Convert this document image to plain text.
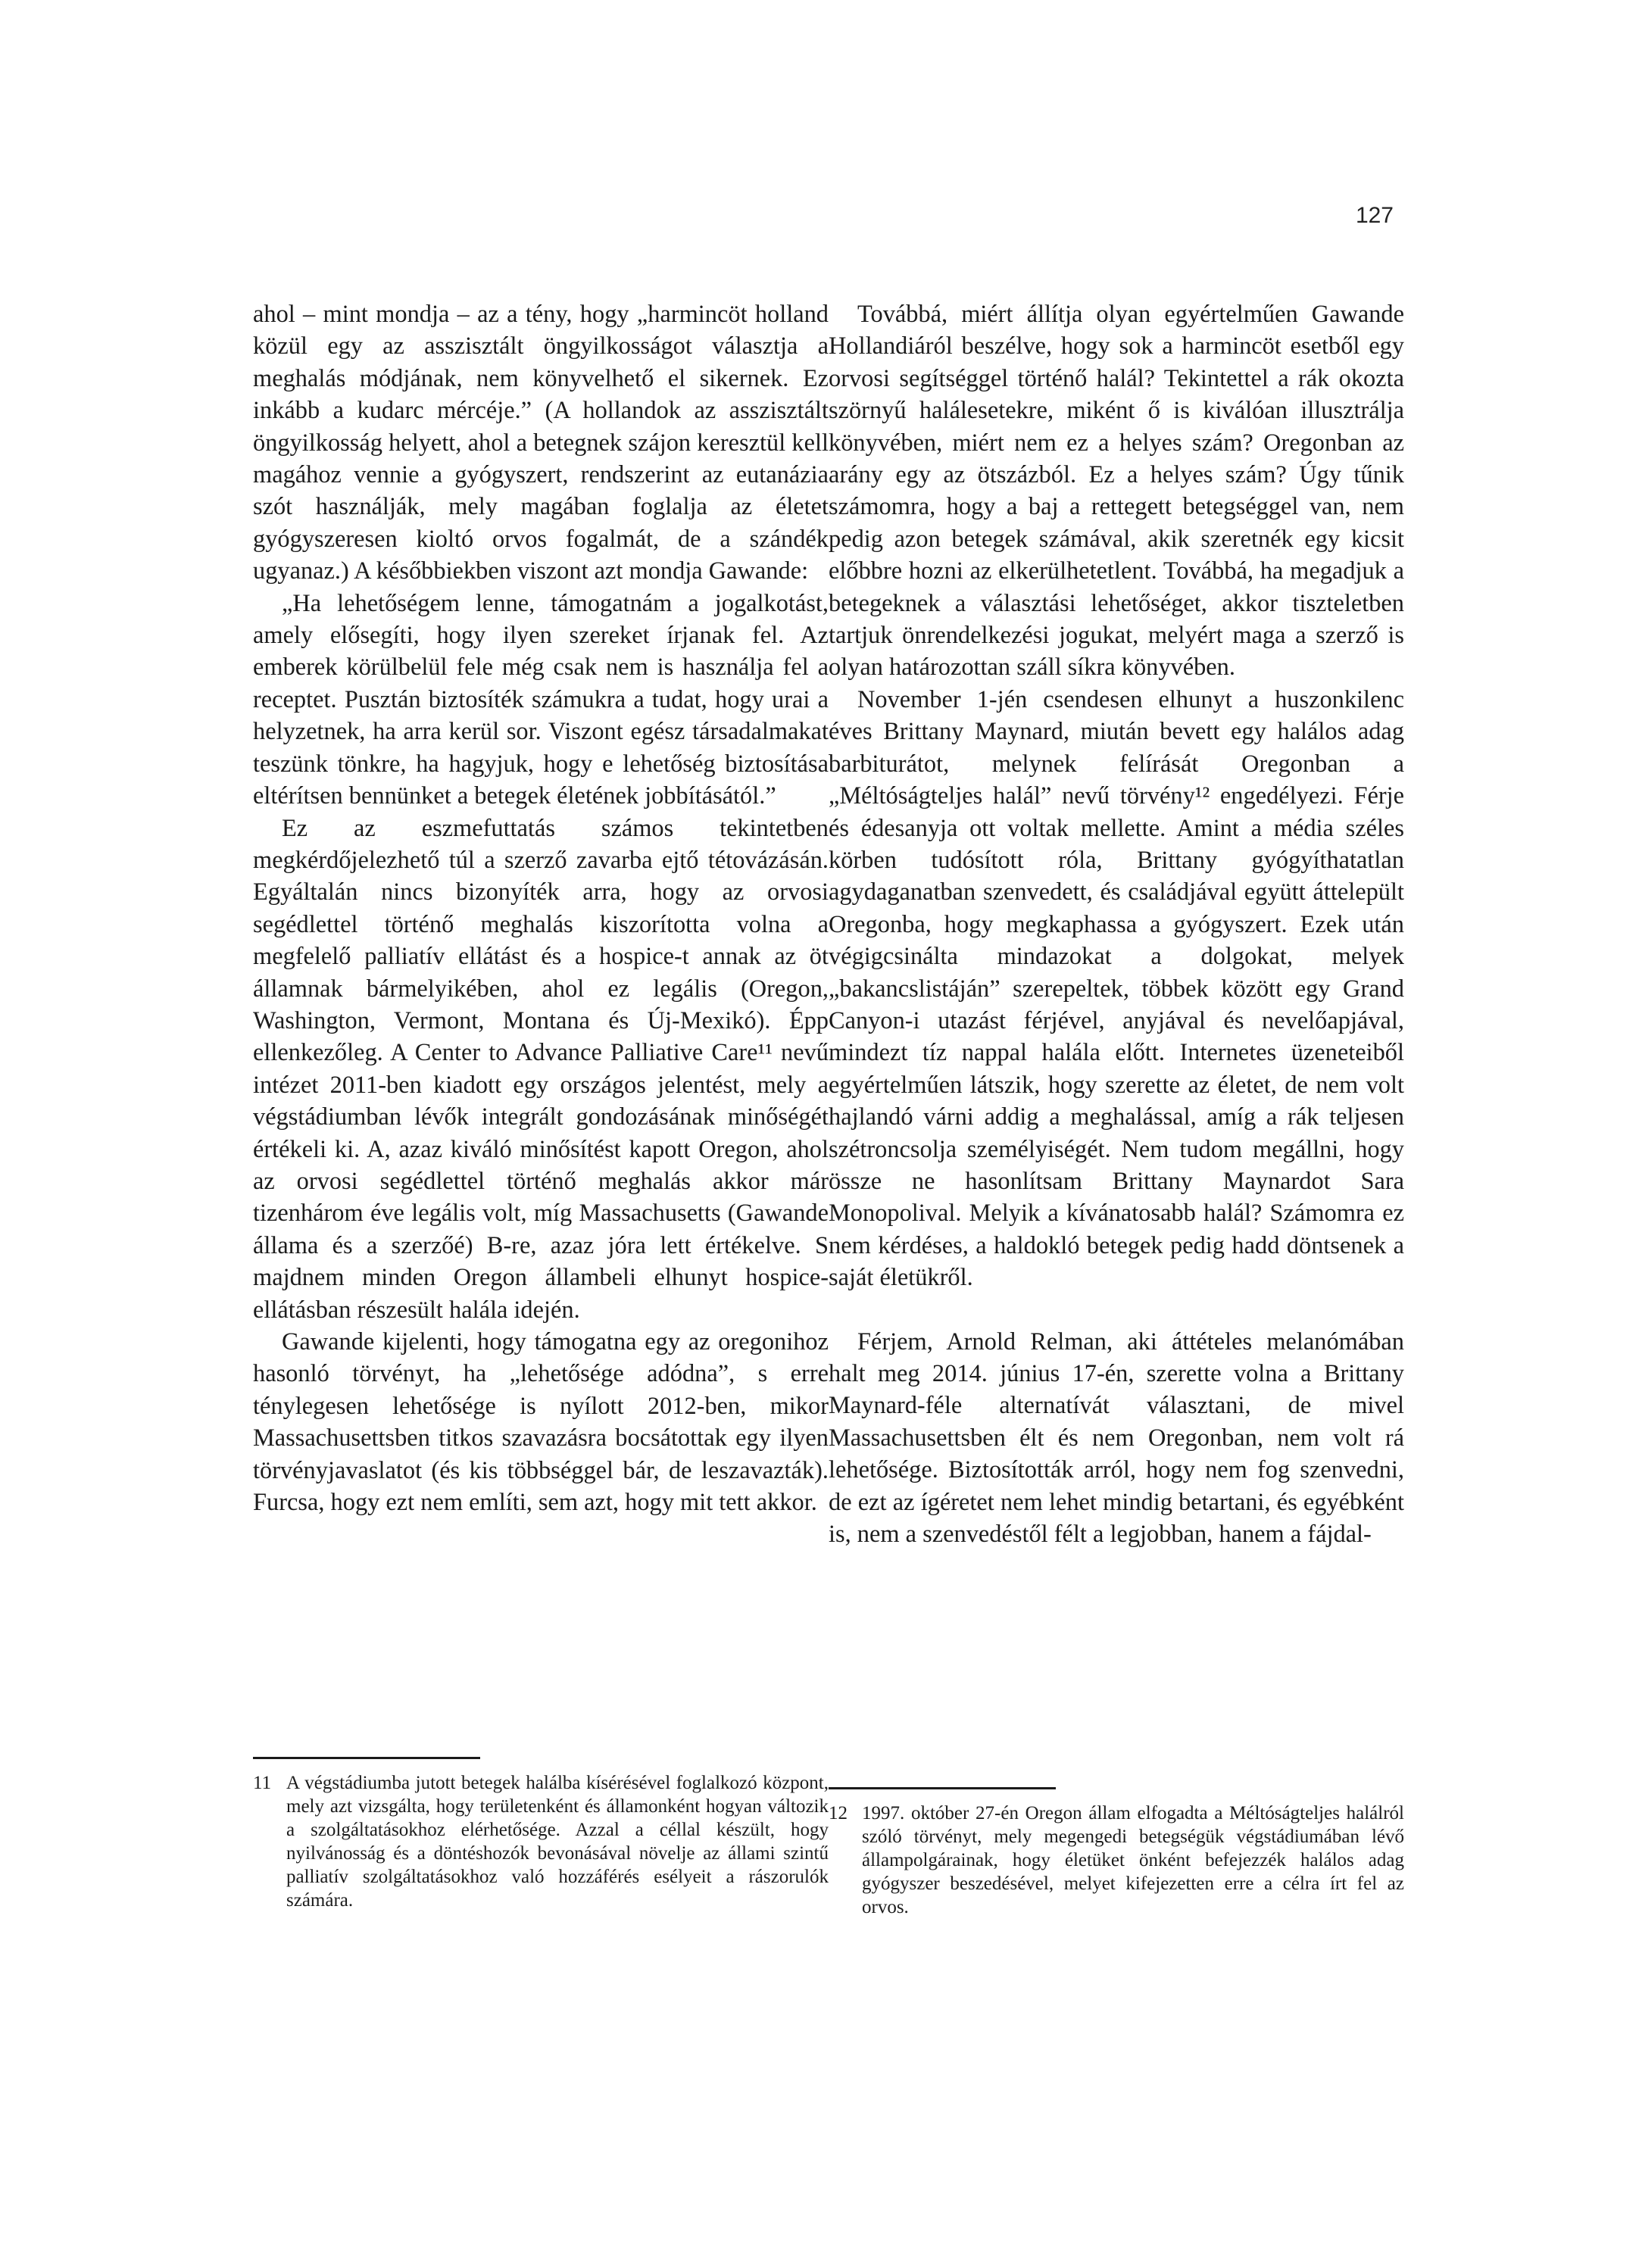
127

ahol – mint mondja – az a tény, hogy „harmincöt holland közül egy az asszisztált öngyilkosságot választja a meghalás módjának, nem könyvelhető el sikernek. Ez inkább a kudarc mércéje.” (A hollandok az asszisztált öngyilkosság helyett, ahol a betegnek szájon keresztül kell magához vennie a gyógyszert, rendszerint az eutanázia szót használják, mely magában foglalja az életet gyógyszeresen kioltó orvos fogalmát, de a szándék ugyanaz.) A későbbiekben viszont azt mondja Gawande:

„Ha lehetőségem lenne, támogatnám a jogalkotást, amely elősegíti, hogy ilyen szereket írjanak fel. Az emberek körülbelül fele még csak nem is használja fel a receptet. Pusztán biztosíték számukra a tudat, hogy urai a helyzetnek, ha arra kerül sor. Viszont egész társadalmakat teszünk tönkre, ha hagyjuk, hogy e lehetőség biztosítása eltérítsen bennünket a betegek életének jobbításától.”

Ez az eszmefuttatás számos tekintetben megkérdőjelezhető túl a szerző zavarba ejtő tétovázásán. Egyáltalán nincs bizonyíték arra, hogy az orvosi segédlettel történő meghalás kiszorította volna a megfelelő palliatív ellátást és a hospice-t annak az öt államnak bármelyikében, ahol ez legális (Oregon, Washington, Vermont, Montana és Új-Mexikó). Épp ellenkezőleg. A Center to Advance Palliative Care¹¹ nevű intézet 2011-ben kiadott egy országos jelentést, mely a végstádiumban lévők integrált gondozásának minőségét értékeli ki. A, azaz kiváló minősítést kapott Oregon, ahol az orvosi segédlettel történő meghalás akkor már tizenhárom éve legális volt, míg Massachusetts (Gawande állama és a szerzőé) B-re, azaz jóra lett értékelve. S majdnem minden Oregon állambeli elhunyt hospice-ellátásban részesült halála idején.

Gawande kijelenti, hogy támogatna egy az oregonihoz hasonló törvényt, ha „lehetősége adódna”, s erre ténylegesen lehetősége is nyílott 2012-ben, mikor Massachusettsben titkos szavazásra bocsátottak egy ilyen törvényjavaslatot (és kis többséggel bár, de leszavazták). Furcsa, hogy ezt nem említi, sem azt, hogy mit tett akkor.

11 A végstádiumba jutott betegek halálba kísérésével foglalkozó központ, mely azt vizsgálta, hogy területenként és államonként hogyan változik a szolgáltatásokhoz elérhetősége. Azzal a céllal készült, hogy nyilvánosság és a döntéshozók bevonásával növelje az állami szintű palliatív szolgáltatásokhoz való hozzáférés esélyeit a rászorulók számára.

Továbbá, miért állítja olyan egyértelműen Gawande Hollandiáról beszélve, hogy sok a harmincöt esetből egy orvosi segítséggel történő halál? Tekintettel a rák okozta szörnyű halálesetekre, miként ő is kiválóan illusztrálja könyvében, miért nem ez a helyes szám? Oregonban az arány egy az ötszázból. Ez a helyes szám? Úgy tűnik számomra, hogy a baj a rettegett betegséggel van, nem pedig azon betegek számával, akik szeretnék egy kicsit előbbre hozni az elkerülhetetlent. Továbbá, ha megadjuk a betegeknek a választási lehetőséget, akkor tiszteletben tartjuk önrendelkezési jogukat, melyért maga a szerző is olyan határozottan száll síkra könyvében.

November 1-jén csendesen elhunyt a huszonkilenc éves Brittany Maynard, miután bevett egy halálos adag barbiturátot, melynek felírását Oregonban a „Méltóságteljes halál” nevű törvény¹² engedélyezi. Férje és édesanyja ott voltak mellette. Amint a média széles körben tudósított róla, Brittany gyógyíthatatlan agydaganatban szenvedett, és családjával együtt áttelepült Oregonba, hogy megkaphassa a gyógyszert. Ezek után végigcsinálta mindazokat a dolgokat, melyek „bakancslistáján” szerepeltek, többek között egy Grand Canyon-i utazást férjével, anyjával és nevelőapjával, mindezt tíz nappal halála előtt. Internetes üzeneteiből egyértelműen látszik, hogy szerette az életet, de nem volt hajlandó várni addig a meghalással, amíg a rák teljesen szétroncsolja személyiségét. Nem tudom megállni, hogy össze ne hasonlítsam Brittany Maynardot Sara Monopolival. Melyik a kívánatosabb halál? Számomra ez nem kérdéses, a haldokló betegek pedig hadd döntsenek a saját életükről.

Férjem, Arnold Relman, aki áttételes melanómában halt meg 2014. június 17-én, szerette volna a Brittany Maynard-féle alternatívát választani, de mivel Massachusettsben élt és nem Oregonban, nem volt rá lehetősége. Biztosították arról, hogy nem fog szenvedni, de ezt az ígéretet nem lehet mindig betartani, és egyébként is, nem a szenvedéstől félt a legjobban, hanem a fájdal-

12 1997. október 27-én Oregon állam elfogadta a Méltóságteljes halálról szóló törvényt, mely megengedi betegségük végstádiumában lévő állampolgárainak, hogy életüket önként befejezzék halálos adag gyógyszer beszedésével, melyet kifejezetten erre a célra írt fel az orvos.
